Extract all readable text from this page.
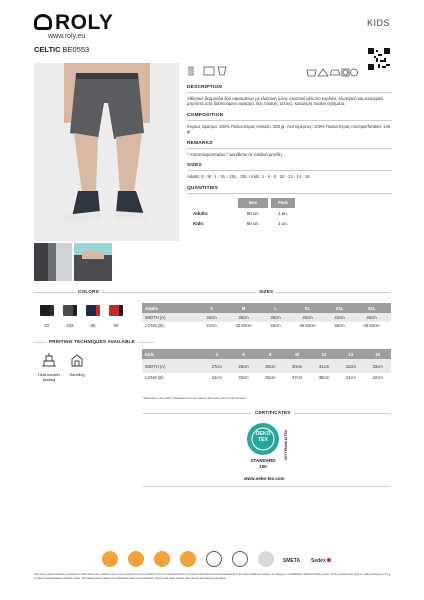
ROLY
www.roly.eu
KIDS
CELTIC BE0553
DESCRIPTION
Αθλητικό βερμούδα δύο υφασμάτων με ελαστική ζώνη, ελαστικό μέτωπο κορδόνι, εξωτερικό και εσωτερικό μπροστά από διαπνοόμενο ύφασμα, δύο πλαϊνές τσέπες, κατώτερη πλαϊνό σχίσματα.
COMPOSITION
Κυρίως ύφασμα: 100% Πολυεστέρας mission, 100 gr. Λεπτομέρειες: 100% Πολυεστέρας microperforated, 145 gr.
REMARKS
* Αποστολιμοτεταένο * Διατίθεται σε παιδικό μεγέθη.
SIZES
Adults: S · M · L · XL · 2XL · 3XL / Kids: 4 · 6 · 8 · 10 · 12 · 14 · 16
QUANTITIES
	Box	Pack
Adults:	50 un.	1 un.
Kids:	50 un.	1 un.
COLORS
02	243	55	60
PRINTING TECHNIQUES AVAILABLE
Heat transfer printing
Handling
SIZES
Adults	S	M	L	XL	2XL	3XL
WIDTH (A)	34cm	36cm	38cm	40cm	43cm	46cm
LONG (B)	42cm	43.50cm	45cm	46.50cm	48cm	49.50cm
Kids	4	6	8	10	12	14	16
WIDTH (A)	27cm	28cm	29cm	30cm	31cm	32cm	33cm
LONG (B)	31cm	33cm	35cm	37cm	39cm	41cm	42cm
*Measures in the waist / Measures from the waist to the bottom hem of the trousers
CERTIFICATES
OEKO
TEX
STANDARD
100
20YY86446 AITEX
www.oeko-tex.com
SMETA Sedex
The colors and measures contained in this sheet are related to the color and sizes of our products. Due to continued work to product improvement and innovations of the same data are subject to change or modification without further notice. Roly reserves the right to make changes in its products specifications without notice. All drawing and images are illustrative and not contractual. Colors and sizes shown here are as accurate as possible.
1
